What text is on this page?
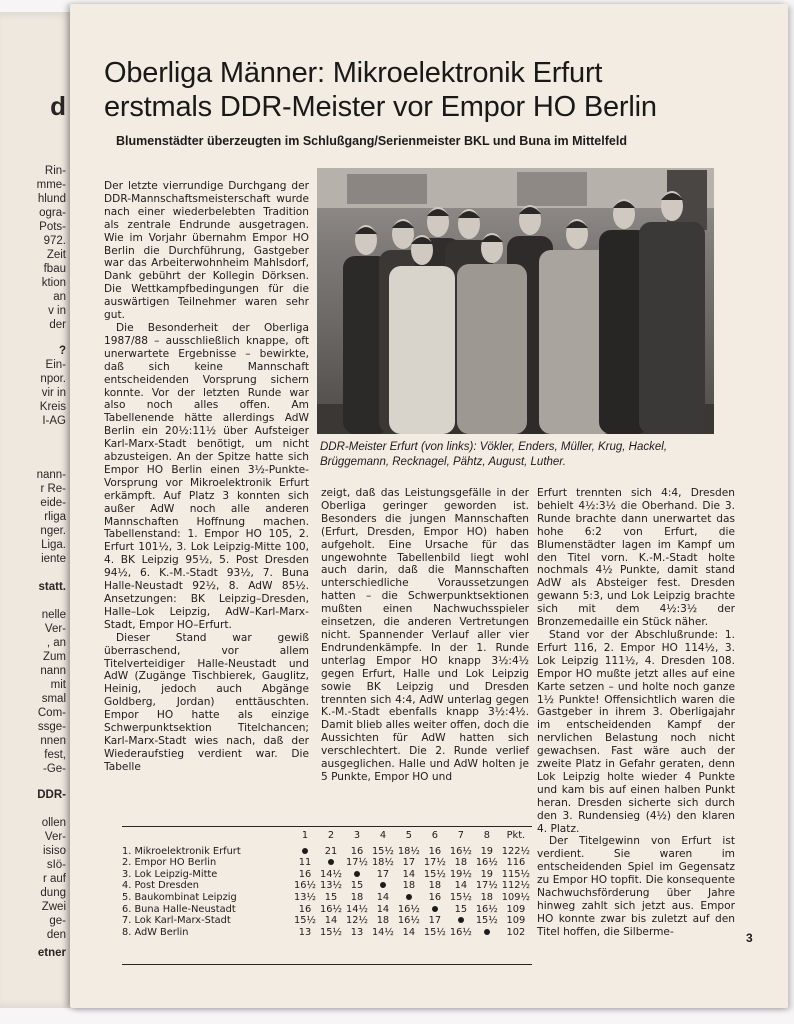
d
Rin-
mme-
hlund
ogra-
Pots-
972.
Zeit
fbau
ktion
an
v in
der
?
Ein-
npor.
vir in
Kreis
I-AG
nann-
r Re-
eide-
rliga
nger.
Liga.
iente
statt.
nelle
Ver-
, an
Zum
nann
mit
smal
Com-
ssge-
nnen
fest,
-Ge-
DDR-
ollen
Ver-
isiso
sIö-
r auf
dung
Zwei
ge-
den
etner
Oberliga Männer: Mikroelektronik Erfurt
erstmals DDR-Meister vor Empor HO Berlin

Blumenstädter überzeugten im Schlußgang/Serienmeister BKL und Buna im Mittelfeld

Der letzte vierrundige Durchgang der DDR-Mannschaftsmeisterschaft wurde nach einer wiederbelebten Tradition als zentrale Endrunde ausgetragen. Wie im Vorjahr übernahm Empor HO Berlin die Durchführung, Gastgeber war das Arbeiterwohnheim Mahlsdorf, Dank gebührt der Kollegin Dörksen. Die Wettkampfbedingungen für die auswärtigen Teilnehmer waren sehr gut.

Die Besonderheit der Oberliga 1987/88 – ausschließlich knappe, oft unerwartete Ergebnisse – bewirkte, daß sich keine Mannschaft entscheidenden Vorsprung sichern konnte. Vor der letzten Runde war also noch alles offen. Am Tabellenende hätte allerdings AdW Berlin ein 20½:11½ über Aufsteiger Karl-Marx-Stadt benötigt, um nicht abzusteigen. An der Spitze hatte sich Empor HO Berlin einen 3½-Punkte-Vorsprung vor Mikroelektronik Erfurt erkämpft. Auf Platz 3 konnten sich außer AdW noch alle anderen Mannschaften Hoffnung machen. Tabellenstand: 1. Empor HO 105, 2. Erfurt 101½, 3. Lok Leipzig-Mitte 100, 4. BK Leipzig 95½, 5. Post Dresden 94½, 6. K.-M.-Stadt 93½, 7. Buna Halle-Neustadt 92½, 8. AdW 85½. Ansetzungen: BK Leipzig–Dresden, Halle–Lok Leipzig, AdW–Karl-Marx-Stadt, Empor HO–Erfurt.

Dieser Stand war gewiß überraschend, vor allem Titelverteidiger Halle-Neustadt und AdW (Zugänge Tischbierek, Gauglitz, Heinig, jedoch auch Abgänge Goldberg, Jordan) enttäuschten. Empor HO hatte als einzige Schwerpunktsektion Titelchancen; Karl-Marx-Stadt wies nach, daß der Wiederaufstieg verdient war. Die Tabelle

DDR-Meister Erfurt (von links): Vökler, Enders, Müller, Krug, Hackel, Brüggemann, Recknagel, Pähtz, August, Luther.

zeigt, daß das Leistungsgefälle in der Oberliga geringer geworden ist. Besonders die jungen Mannschaften (Erfurt, Dresden, Empor HO) haben aufgeholt. Eine Ursache für das ungewohnte Tabellenbild liegt wohl auch darin, daß die Mannschaften unterschiedliche Voraussetzungen hatten – die Schwerpunktsektionen mußten einen Nachwuchsspieler einsetzen, die anderen Vertretungen nicht. Spannender Verlauf aller vier Endrundenkämpfe. In der 1. Runde unterlag Empor HO knapp 3½:4½ gegen Erfurt, Halle und Lok Leipzig sowie BK Leipzig und Dresden trennten sich 4:4, AdW unterlag gegen K.-M.-Stadt ebenfalls knapp 3½:4½. Damit blieb alles weiter offen, doch die Aussichten für AdW hatten sich verschlechtert. Die 2. Runde verlief ausgeglichen. Halle und AdW holten je 5 Punkte, Empor HO und

Erfurt trennten sich 4:4, Dresden behielt 4½:3½ die Oberhand. Die 3. Runde brachte dann unerwartet das hohe 6:2 von Erfurt, die Blumenstädter lagen im Kampf um den Titel vorn. K.-M.-Stadt holte nochmals 4½ Punkte, damit stand AdW als Absteiger fest. Dresden gewann 5:3, und Lok Leipzig brachte sich mit dem 4½:3½ der Bronzemedaille ein Stück näher.

Stand vor der Abschlußrunde: 1. Erfurt 116, 2. Empor HO 114½, 3. Lok Leipzig 111½, 4. Dresden 108. Empor HO mußte jetzt alles auf eine Karte setzen – und holte noch ganze 1½ Punkte! Offensichtlich waren die Gastgeber in ihrem 3. Oberligajahr im entscheidenden Kampf der nervlichen Belastung noch nicht gewachsen. Fast wäre auch der zweite Platz in Gefahr geraten, denn Lok Leipzig holte wieder 4 Punkte und kam bis auf einen halben Punkt heran. Dresden sicherte sich durch den 3. Rundensieg (4½) den klaren 4. Platz.

Der Titelgewinn von Erfurt ist verdient. Sie waren im entscheidenden Spiel im Gegensatz zu Empor HO topfit. Die konsequente Nachwuchsförderung über Jahre hinweg zahlt sich jetzt aus. Empor HO konnte zwar bis zuletzt auf den Titel hoffen, die Silberme-

	1	2	3	4	5	6	7	8	Pkt.
1. Mikroelektronik Erfurt		21	16	15½	18½	16	16½	19	122½
2. Empor HO Berlin	11		17½	18½	17	17½	18	16½	116
3. Lok Leipzig-Mitte	16	14½		17	14	15½	19½	19	115½
4. Post Dresden	16½	13½	15		18	18	14	17½	112½
5. Baukombinat Leipzig	13½	15	18	14		16	15½	18	109½
6. Buna Halle-Neustadt	16	16½	14½	14	16½		15	16½	109
7. Lok Karl-Marx-Stadt	15½	14	12½	18	16½	17		15½	109
8. AdW Berlin	13	15½	13	14½	14	15½	16½		102	3
